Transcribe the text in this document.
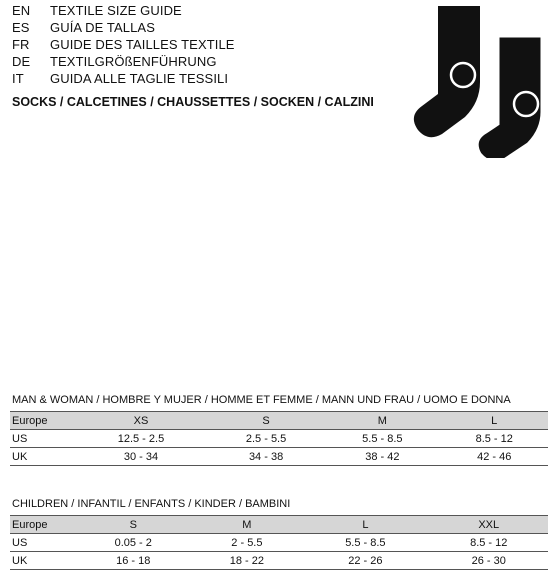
EN	TEXTILE SIZE GUIDE
ES	GUÍA DE TALLAS
FR	GUIDE DES TAILLES TEXTILE
DE	TEXTILGRÖßENFÜHRUNG
IT	GUIDA ALLE TAGLIE TESSILI
SOCKS / CALCETINES / CHAUSSETTES / SOCKEN / CALZINI
MAN & WOMAN / HOMBRE Y MUJER / HOMME ET FEMME / MANN UND FRAU / UOMO E DONNA
Europe	XS	S	M	L
US	12.5 - 2.5	2.5 - 5.5	5.5 - 8.5	8.5 - 12
UK	30 - 34	34 - 38	38 - 42	42 - 46
CHILDREN / INFANTIL / ENFANTS / KINDER / BAMBINI
Europe	S	M	L	XXL
US	0.05 - 2	2 - 5.5	5.5 - 8.5	8.5 - 12
UK	16 - 18	18 - 22	22 - 26	26 - 30
